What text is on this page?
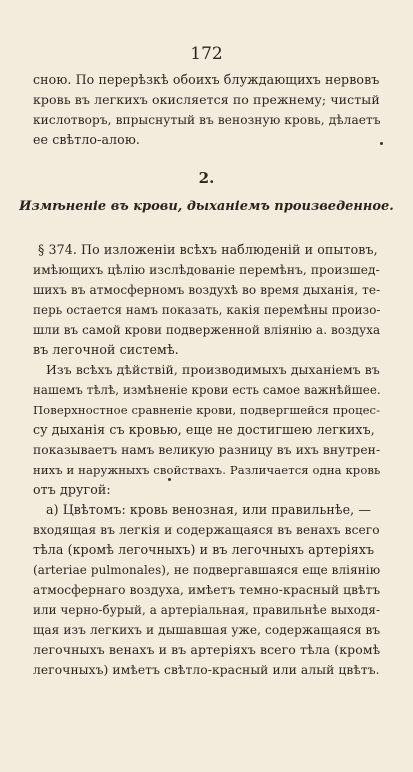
172
сною. По перерѣзкѣ обоихъ блуждающихъ нервовъ
кровь въ легкихъ окисляется по прежнему; чистый
кислотворъ, впрыснутый въ венозную кровь, дѣлаетъ
ее свѣтло-алою.
2.
Измѣненіе въ крови, дыханіемъ произведенное.
§ 374. По изложеніи всѣхъ наблюденій и опытовъ,
имѣющихъ цѣлію изслѣдованіе перемѣнъ, произшед-
шихъ въ атмосферномъ воздухѣ во время дыханія, те-
перь остается намъ показать, какія перемѣны произо-
шли въ самой крови подверженной вліянію а. воздуха
въ легочной системѣ.
Изъ всѣхъ дѣйствій, производимыхъ дыханіемъ въ
нашемъ тѣлѣ, измѣненіе крови есть самое важнѣйшее.
Поверхностное сравненіе крови, подвергшейся процес-
су дыханія съ кровью, еще не достигшею легкихъ,
показываетъ намъ великую разницу въ ихъ внутрен-
нихъ и наружныхъ свойствахъ. Различается одна кровь
отъ другой:
а) Цвѣтомъ: кровь венозная, или правильнѣе, —
входящая въ легкія и содержащаяся въ венахъ всего
тѣла (кромѣ легочныхъ) и въ легочныхъ артеріяхъ
(arteriae pulmonales), не подвергавшаяся еще вліянію
атмосфернаго воздуха, имѣетъ темно-красный цвѣтъ
или черно-бурый, а артеріальная, правильнѣе выходя-
щая изъ легкихъ и дышавшая уже, содержащаяся въ
легочныхъ венахъ и въ артеріяхъ всего тѣла (кромѣ
легочныхъ) имѣетъ свѣтло-красный или алый цвѣтъ.
